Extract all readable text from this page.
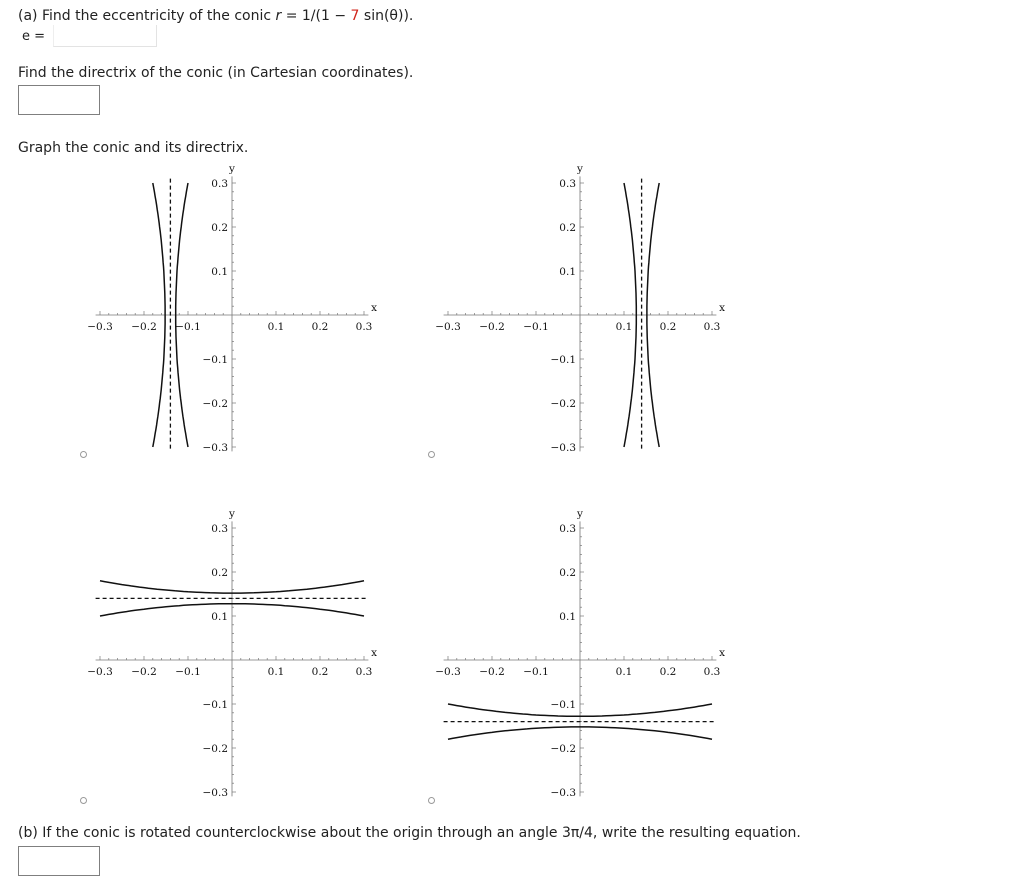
(a) Find the eccentricity of the conic r = 1/(1 − 7 sin(θ)).
e =
Find the directrix of the conic (in Cartesian coordinates).
Graph the conic and its directrix.
−0.3 −0.2 −0.1	0.1	0.2	0.3
0.3
0.2
0.1
−0.1
−0.2
−0.3
x
y
−0.3 −0.2 −0.1	0.1	0.2	0.3
0.3
0.2
0.1
−0.1
−0.2
−0.3
x
y
−0.3 −0.2 −0.1	0.1	0.2	0.3
0.3
0.2
0.1
−0.1
−0.2
−0.3
x
y
−0.3 −0.2 −0.1	0.1	0.2	0.3
0.3
0.2
0.1
−0.1
−0.2
−0.3
x
y
(b) If the conic is rotated counterclockwise about the origin through an angle 3π/4, write the resulting equation.
